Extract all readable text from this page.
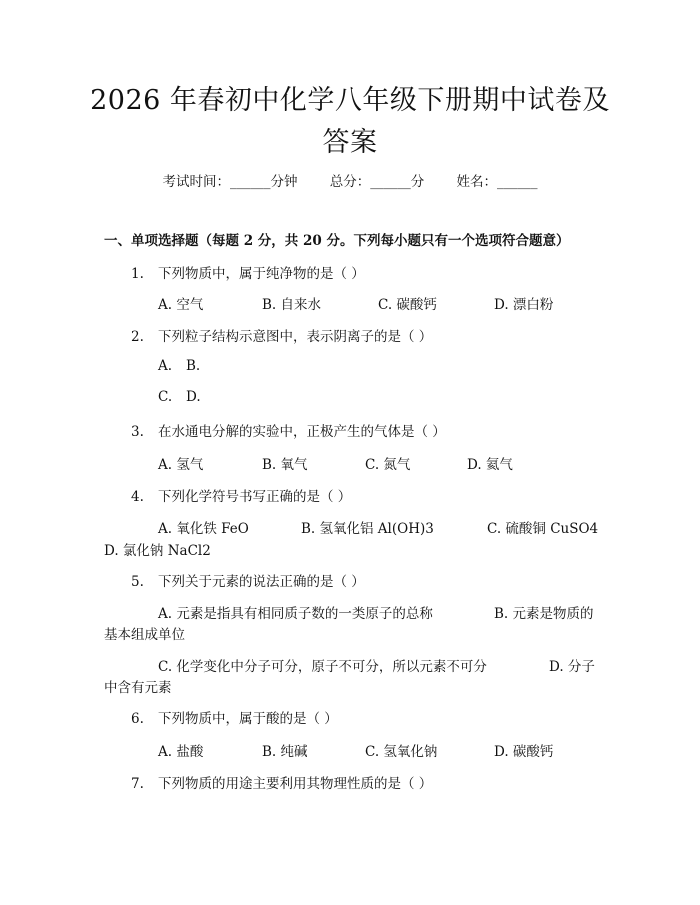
2026 年春初中化学八年级下册期中试卷及答案
考试时间：______分钟 总分：______分 姓名：______
一、单项选择题（每题 2 分，共 20 分。下列每小题只有一个选项符合题意）
1. 下列物质中，属于纯净物的是（ ）
A. 空气	B. 自来水	C. 碳酸钙	D. 漂白粉
2. 下列粒子结构示意图中，表示阴离子的是（ ）
A. B.
C. D.
3. 在水通电分解的实验中，正极产生的气体是（ ）
A. 氢气	B. 氧气	C. 氮气	D. 氦气
4. 下列化学符号书写正确的是（ ）
A. 氧化铁 FeO	B. 氢氧化铝 Al(OH)3	C. 硫酸铜 CuSO4
D. 氯化钠 NaCl2
5. 下列关于元素的说法正确的是（ ）
A. 元素是指具有相同质子数的一类原子的总称	B. 元素是物质的
基本组成单位
C. 化学变化中分子可分，原子不可分，所以元素不可分	D. 分子
中含有元素
6. 下列物质中，属于酸的是（ ）
A. 盐酸	B. 纯碱	C. 氢氧化钠	D. 碳酸钙
7. 下列物质的用途主要利用其物理性质的是（ ）
